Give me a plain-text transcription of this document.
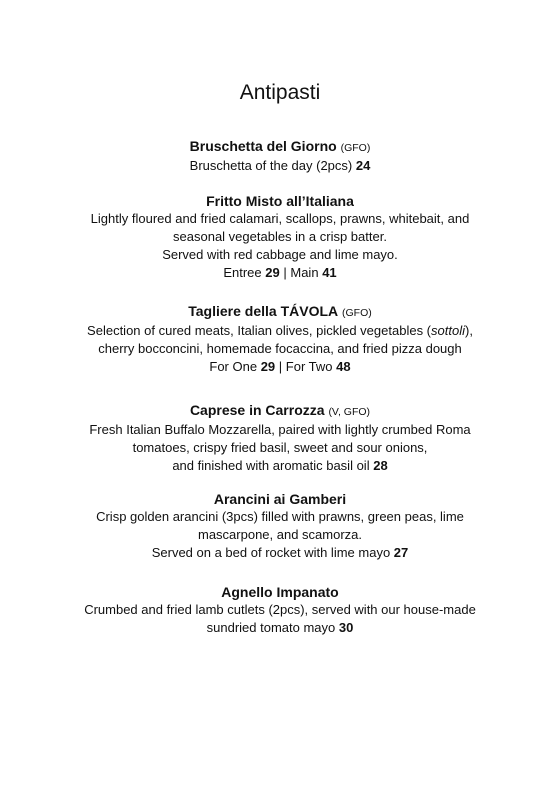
Antipasti

Bruschetta del Giorno (GFO)

Bruschetta of the day (2pcs) 24

Fritto Misto all’Italiana

Lightly floured and fried calamari, scallops, prawns, whitebait, and

seasonal vegetables in a crisp batter.

Served with red cabbage and lime mayo.

Entree 29 | Main 41

Tagliere della TÁVOLA (GFO)

Selection of cured meats, Italian olives, pickled vegetables (sottoli),

cherry bocconcini, homemade focaccina, and fried pizza dough

For One 29 | For Two 48

Caprese in Carrozza (V, GFO)

Fresh Italian Buffalo Mozzarella, paired with lightly crumbed Roma

tomatoes, crispy fried basil, sweet and sour onions,

and finished with aromatic basil oil 28

Arancini ai Gamberi

Crisp golden arancini (3pcs) filled with prawns, green peas, lime

mascarpone, and scamorza.

Served on a bed of rocket with lime mayo 27

Agnello Impanato

Crumbed and fried lamb cutlets (2pcs), served with our house-made

sundried tomato mayo 30
